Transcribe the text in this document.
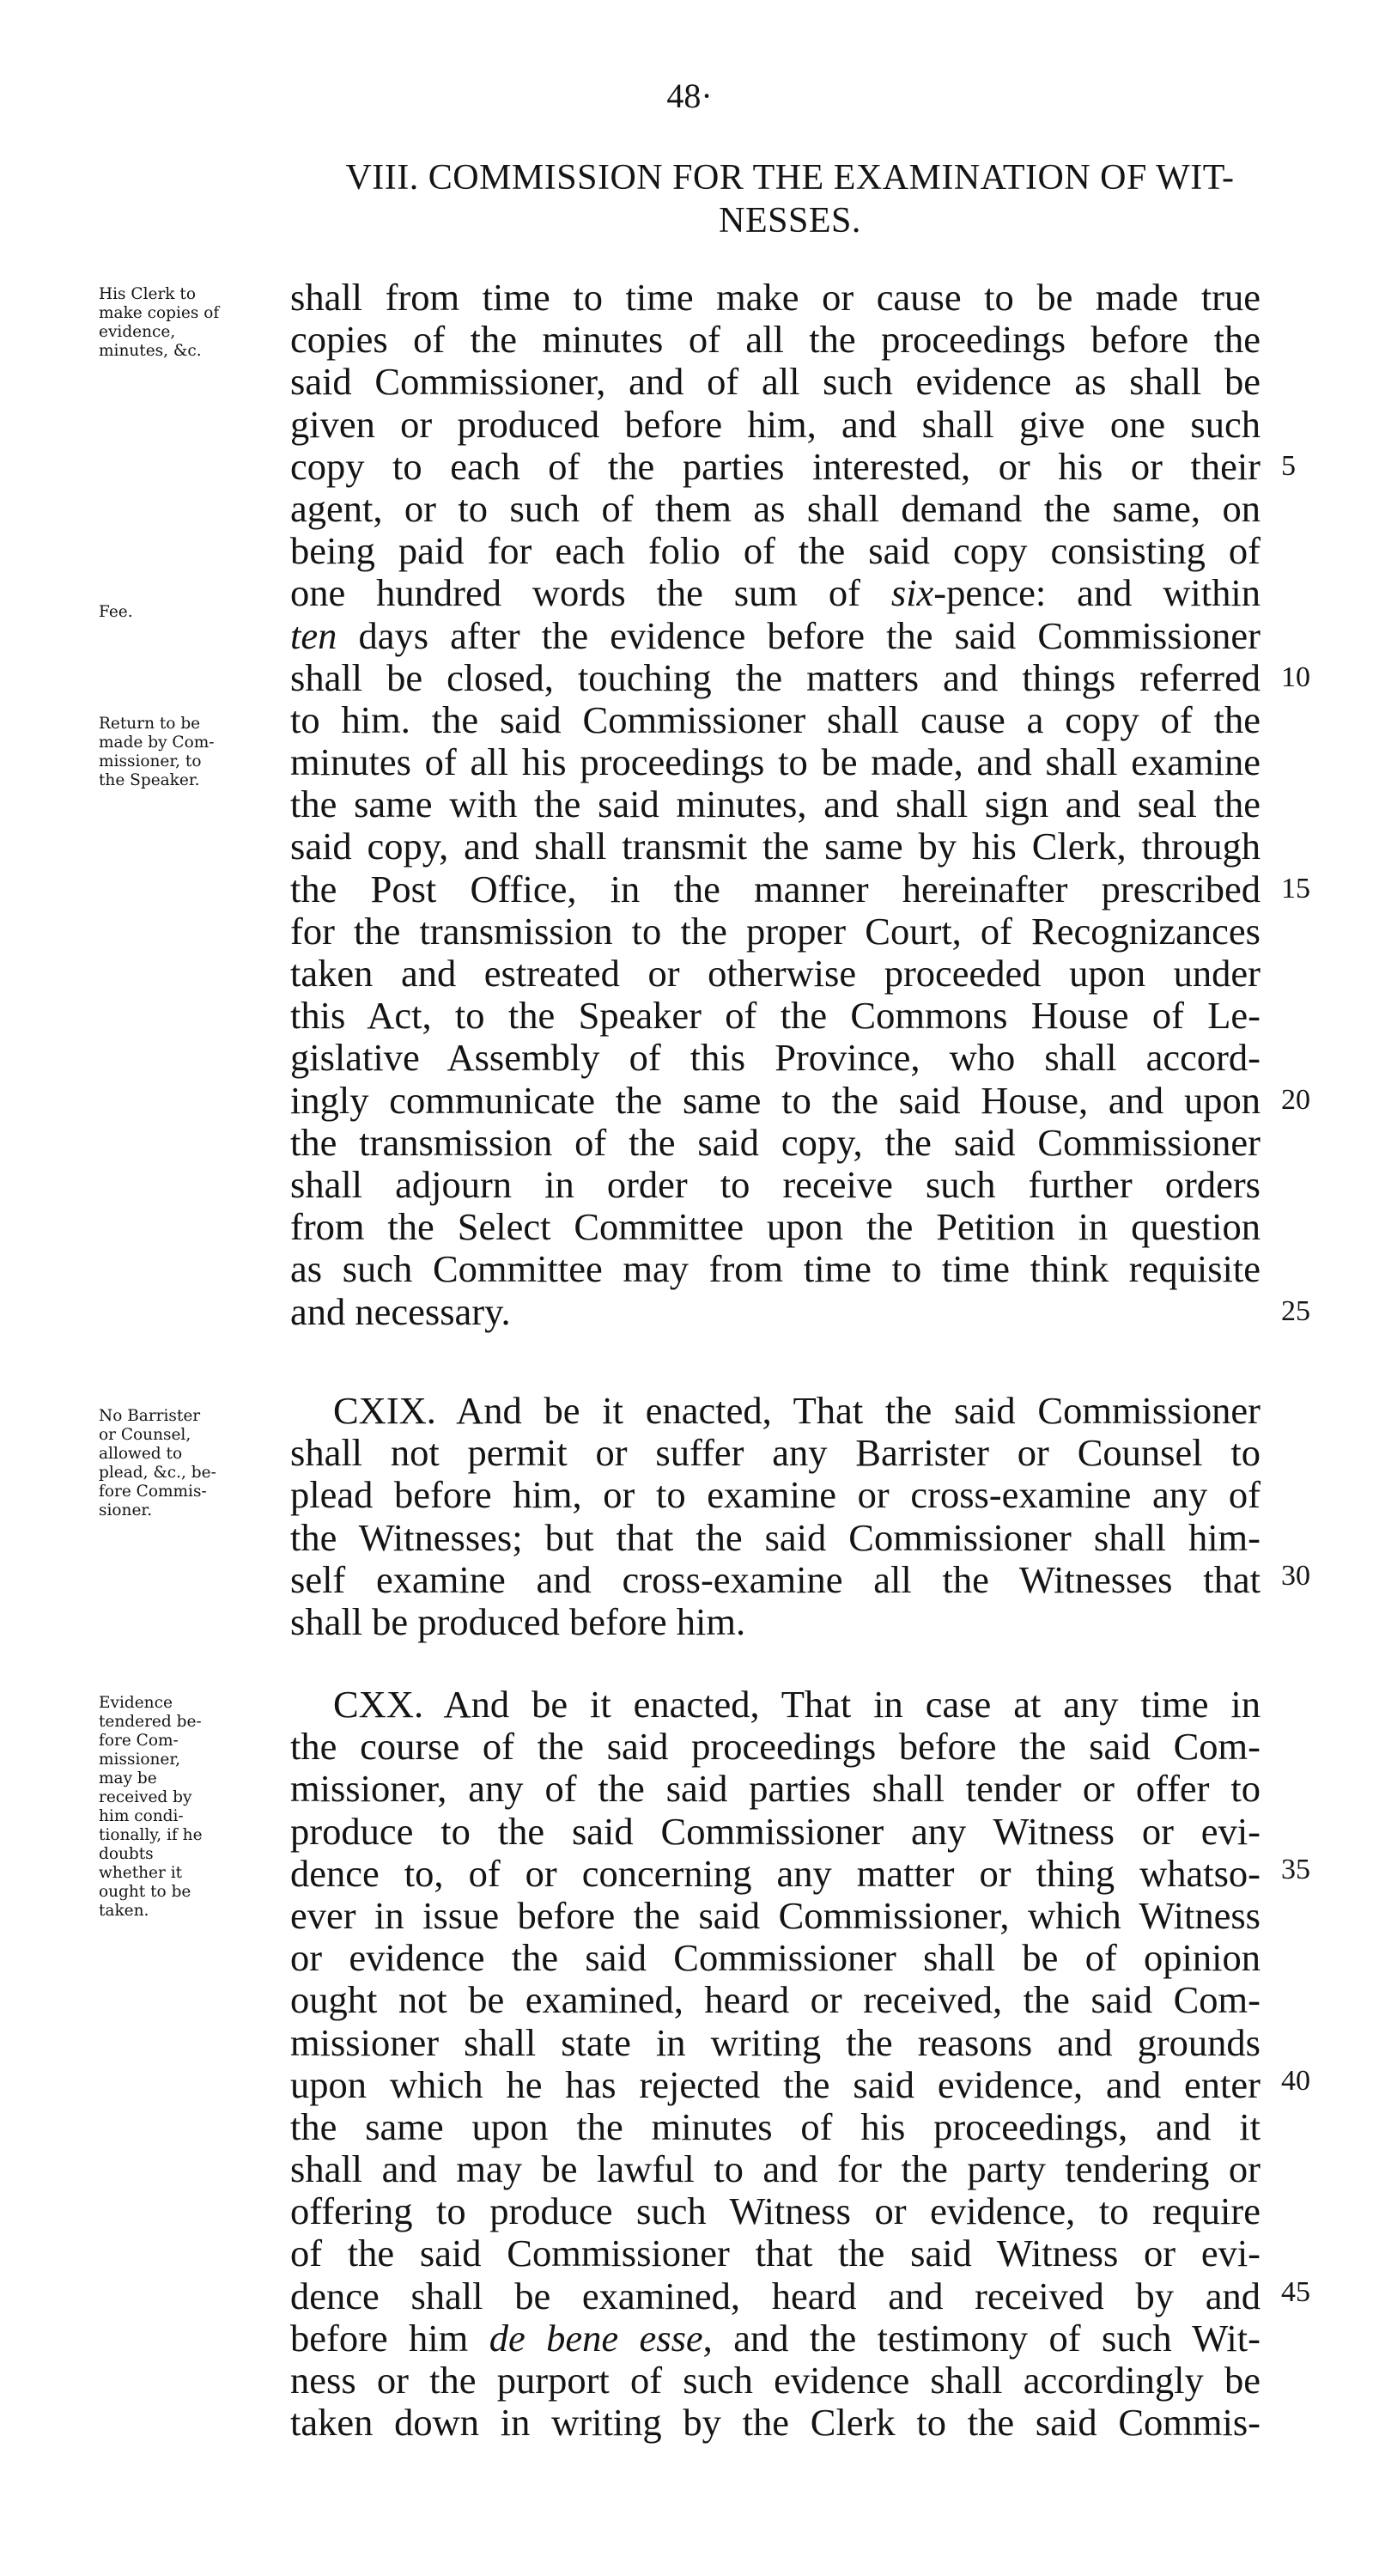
48·
VIII. COMMISSION FOR THE EXAMINATION OF WIT-
NESSES.
His Clerk to
make copies of
evidence,
minutes, &c.
Fee.
Return to be
made by Com-
missioner, to
the Speaker.
No Barrister
or Counsel,
allowed to
plead, &c., be-
fore Commis-
sioner.
Evidence
tendered be-
fore Com-
missioner,
may be
received by
him condi-
tionally, if he
doubts
whether it
ought to be
taken.
shall from time to time make or cause to be made true
copies of the minutes of all the proceedings before the
said Commissioner, and of all such evidence as shall be
given or produced before him, and shall give one such
copy to each of the parties interested, or his or their
agent, or to such of them as shall demand the same, on
being paid for each folio of the said copy consisting of
one hundred words the sum of six-pence: and within
ten days after the evidence before the said Commissioner
shall be closed, touching the matters and things referred
to him. the said Commissioner shall cause a copy of the
minutes of all his proceedings to be made, and shall examine
the same with the said minutes, and shall sign and seal the
said copy, and shall transmit the same by his Clerk, through
the Post Office, in the manner hereinafter prescribed
for the transmission to the proper Court, of Recognizances
taken and estreated or otherwise proceeded upon under
this Act, to the Speaker of the Commons House of Le-
gislative Assembly of this Province, who shall accord-
ingly communicate the same to the said House, and upon
the transmission of the said copy, the said Commissioner
shall adjourn in order to receive such further orders
from the Select Committee upon the Petition in question
as such Committee may from time to time think requisite
and necessary.
CXIX. And be it enacted, That the said Commissioner
shall not permit or suffer any Barrister or Counsel to
plead before him, or to examine or cross-examine any of
the Witnesses; but that the said Commissioner shall him-
self examine and cross-examine all the Witnesses that
shall be produced before him.
CXX. And be it enacted, That in case at any time in
the course of the said proceedings before the said Com-
missioner, any of the said parties shall tender or offer to
produce to the said Commissioner any Witness or evi-
dence to, of or concerning any matter or thing whatso-
ever in issue before the said Commissioner, which Witness
or evidence the said Commissioner shall be of opinion
ought not be examined, heard or received, the said Com-
missioner shall state in writing the reasons and grounds
upon which he has rejected the said evidence, and enter
the same upon the minutes of his proceedings, and it
shall and may be lawful to and for the party tendering or
offering to produce such Witness or evidence, to require
of the said Commissioner that the said Witness or evi-
dence shall be examined, heard and received by and
before him de bene esse, and the testimony of such Wit-
ness or the purport of such evidence shall accordingly be
taken down in writing by the Clerk to the said Commis-
5
10
15
20
25
30
35
40
45
